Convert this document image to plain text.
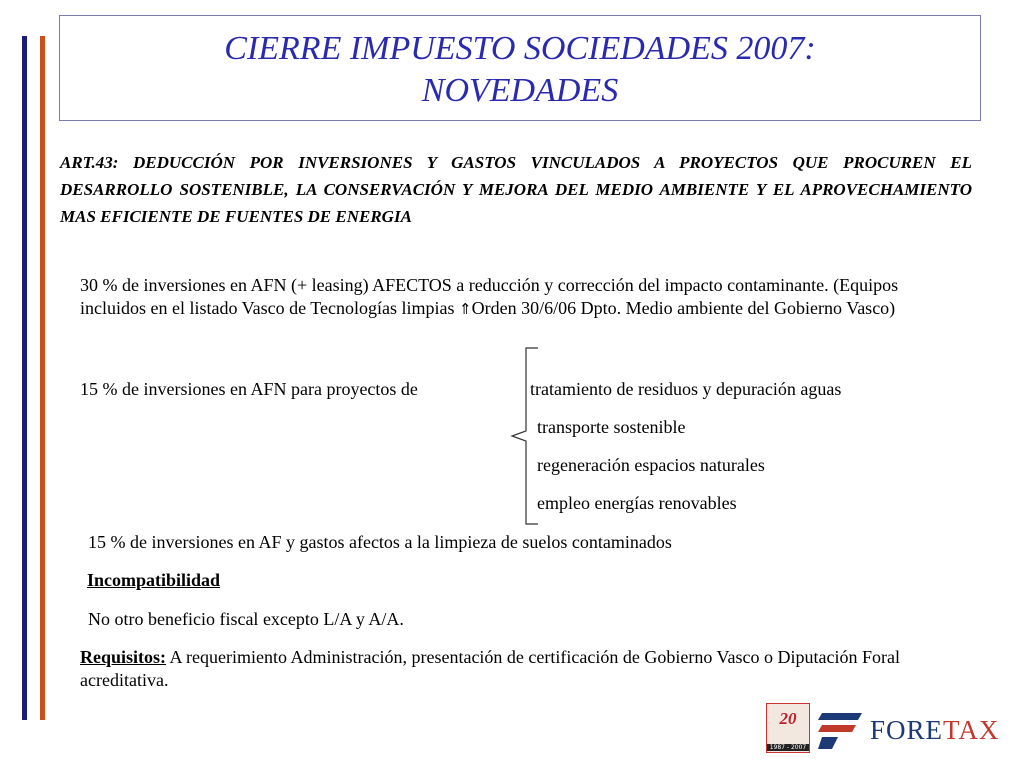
CIERRE IMPUESTO SOCIEDADES 2007:
NOVEDADES
ART.43: DEDUCCIÓN POR INVERSIONES Y GASTOS VINCULADOS A PROYECTOS QUE PROCUREN EL DESARROLLO SOSTENIBLE, LA CONSERVACIÓN Y MEJORA DEL MEDIO AMBIENTE Y EL APROVECHAMIENTO MAS EFICIENTE DE FUENTES DE ENERGIA
30 % de inversiones en AFN (+ leasing) AFECTOS a reducción y corrección del impacto contaminante. (Equipos incluidos en el listado Vasco de Tecnologías limpias ⇑Orden 30/6/06 Dpto. Medio ambiente del Gobierno Vasco)
15 % de inversiones en AFN para proyectos de	tratamiento de residuos y depuración aguas
transporte sostenible
regeneración espacios naturales
empleo energías renovables
15 % de inversiones en AF y gastos afectos a la limpieza de suelos contaminados
Incompatibilidad
No otro beneficio fiscal excepto L/A y A/A.
Requisitos: A requerimiento Administración, presentación de certificación de Gobierno Vasco o Diputación Foral acreditativa.
20
1987 - 2007
FORETAX
